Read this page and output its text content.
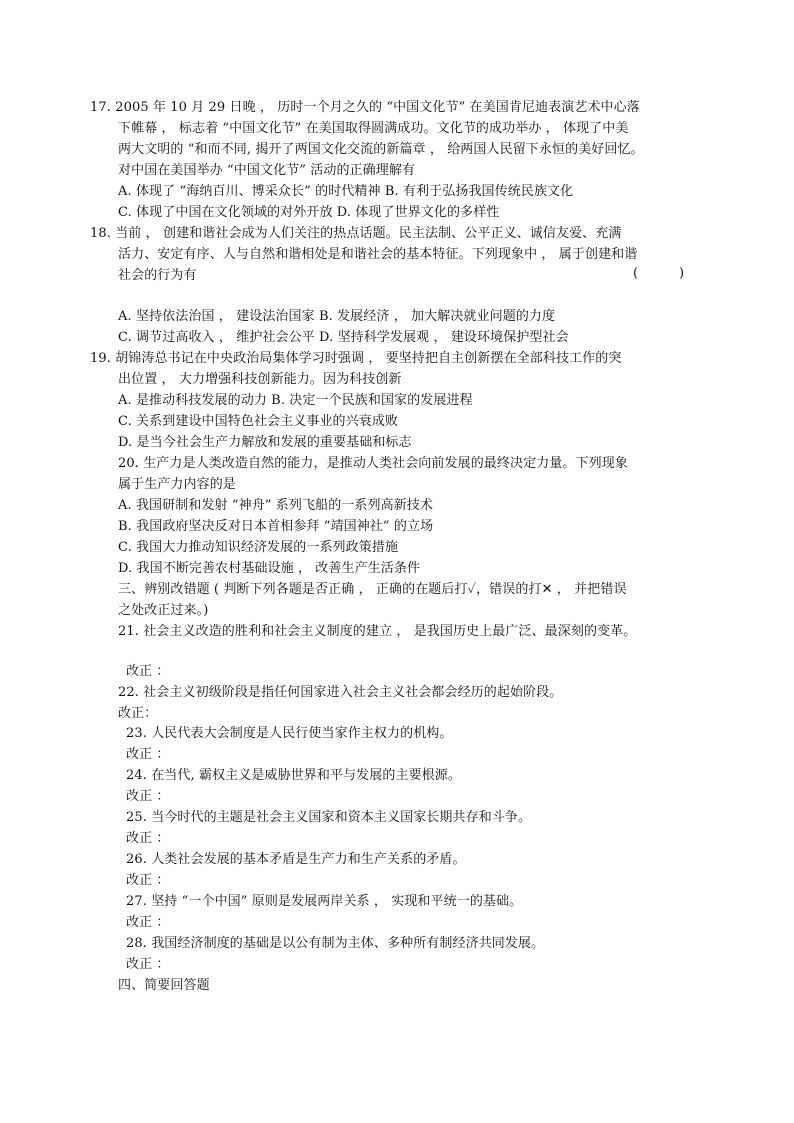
17. 2005 年 10 月 29 日晚 ， 历时一个月之久的 “中国文化节” 在美国肯尼迪表演艺术中心落
下帷幕 ， 标志着 “中国文化节” 在美国取得圆满成功。文化节的成功举办 ， 体现了中美
两大文明的 “和而不同, 揭开了两国文化交流的新篇章 ， 给两国人民留下永恒的美好回忆。
对中国在美国举办 “中国文化节” 活动的正确理解有
A. 体现了 “海纳百川、博采众长” 的时代精神 B. 有利于弘扬我国传统民族文化
C. 体现了中国在文化领域的对外开放 D. 体现了世界文化的多样性
18. 当前 ， 创建和谐社会成为人们关注的热点话题。民主法制、公平正义、诚信友爱、充满
活力、安定有序、人与自然和谐相处是和谐社会的基本特征。下列现象中 ， 属于创建和谐
社会的行为有	(	)
A. 坚持依法治国 ， 建设法治国家 B. 发展经济 ， 加大解决就业问题的力度
C. 调节过高收入 ， 维护社会公平 D. 坚持科学发展观 ， 建设环境保护型社会
19. 胡锦涛总书记在中央政治局集体学习时强调 ， 要坚持把自主创新摆在全部科技工作的突
出位置 ， 大力增强科技创新能力。因为科技创新
A. 是推动科技发展的动力 B. 决定一个民族和国家的发展进程
C. 关系到建设中国特色社会主义事业的兴衰成败
D. 是当今社会生产力解放和发展的重要基础和标志
20. 生产力是人类改造自然的能力，是推动人类社会向前发展的最终决定力量。下列现象
属于生产力内容的是
A. 我国研制和发射 “神舟” 系列飞船的一系列高新技术
B. 我国政府坚决反对日本首相参拜 “靖国神社” 的立场
C. 我国大力推动知识经济发展的一系列政策措施
D. 我国不断完善农村基础设施 ， 改善生产生活条件
三、辨别改错题 ( 判断下列各题是否正确 ， 正确的在题后打✓，错误的打✕ ， 并把错误
之处改正过来。)
21. 社会主义改造的胜利和社会主义制度的建立 ， 是我国历史上最广泛、最深刻的变革。
改正 ：
22. 社会主义初级阶段是指任何国家进入社会主义社会都会经历的起始阶段。
改正：
23. 人民代表大会制度是人民行使当家作主权力的机构。
改正 ：
24. 在当代, 霸权主义是威胁世界和平与发展的主要根源。
改正 ：
25. 当今时代的主题是社会主义国家和资本主义国家长期共存和斗争。
改正 ：
26. 人类社会发展的基本矛盾是生产力和生产关系的矛盾。
改正 ：
27. 坚持 “一个中国” 原则是发展两岸关系 ， 实现和平统一的基础。
改正 ：
28. 我国经济制度的基础是以公有制为主体、多种所有制经济共同发展。
改正 ：
四、简要回答题
